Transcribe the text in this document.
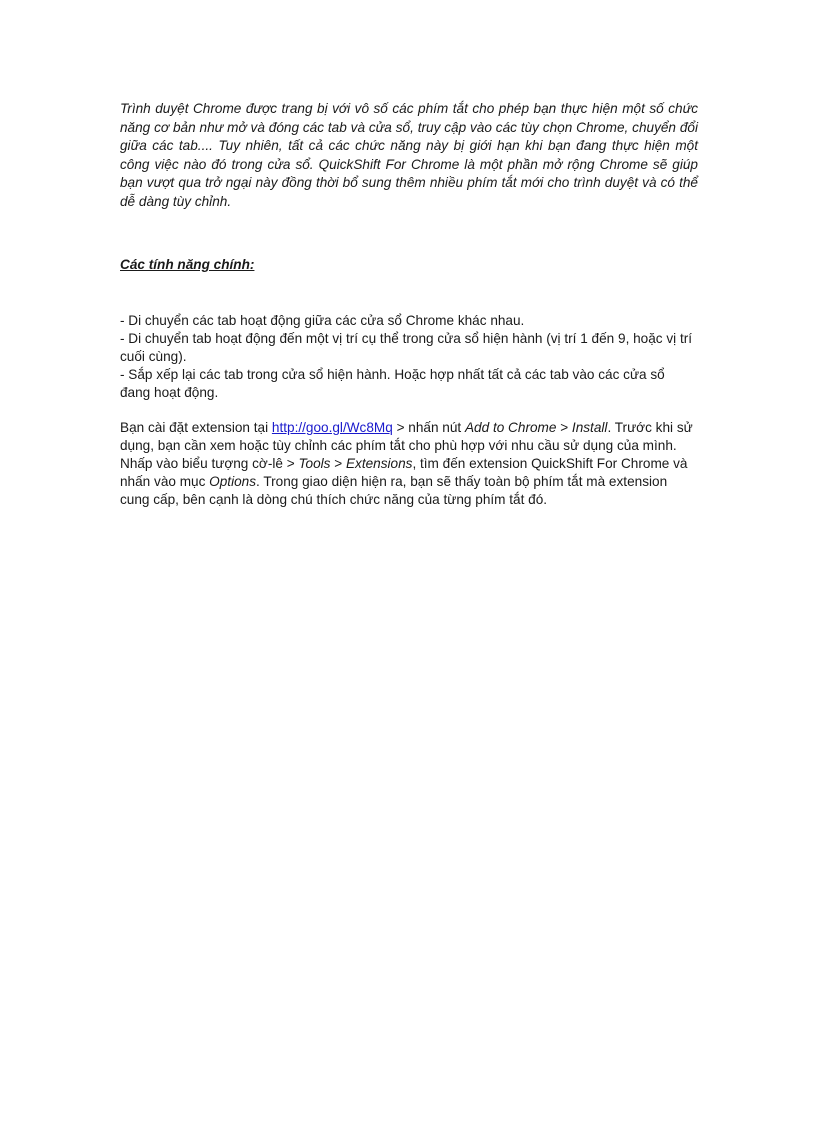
Trình duyệt Chrome được trang bị với vô số các phím tắt cho phép bạn thực hiện một số chức năng cơ bản như mở và đóng các tab và cửa sổ, truy cập vào các tùy chọn Chrome, chuyển đổi giữa các tab.... Tuy nhiên, tất cả các chức năng này bị giới hạn khi bạn đang thực hiện một công việc nào đó trong cửa sổ. QuickShift For Chrome là một phần mở rộng Chrome sẽ giúp bạn vượt qua trở ngại này đồng thời bổ sung thêm nhiều phím tắt mới cho trình duyệt và có thể dễ dàng tùy chỉnh.

Các tính năng chính:

- Di chuyển các tab hoạt động giữa các cửa sổ Chrome khác nhau.
- Di chuyển tab hoạt động đến một vị trí cụ thể trong cửa sổ hiện hành (vị trí 1 đến 9, hoặc vị trí cuối cùng).
- Sắp xếp lại các tab trong cửa sổ hiện hành. Hoặc hợp nhất tất cả các tab vào các cửa sổ đang hoạt động.

Bạn cài đặt extension tại http://goo.gl/Wc8Mq > nhấn nút Add to Chrome > Install. Trước khi sử dụng, bạn cần xem hoặc tùy chỉnh các phím tắt cho phù hợp với nhu cầu sử dụng của mình. Nhấp vào biểu tượng cờ-lê > Tools > Extensions, tìm đến extension QuickShift For Chrome và nhấn vào mục Options. Trong giao diện hiện ra, bạn sẽ thấy toàn bộ phím tắt mà extension cung cấp, bên cạnh là dòng chú thích chức năng của từng phím tắt đó.
